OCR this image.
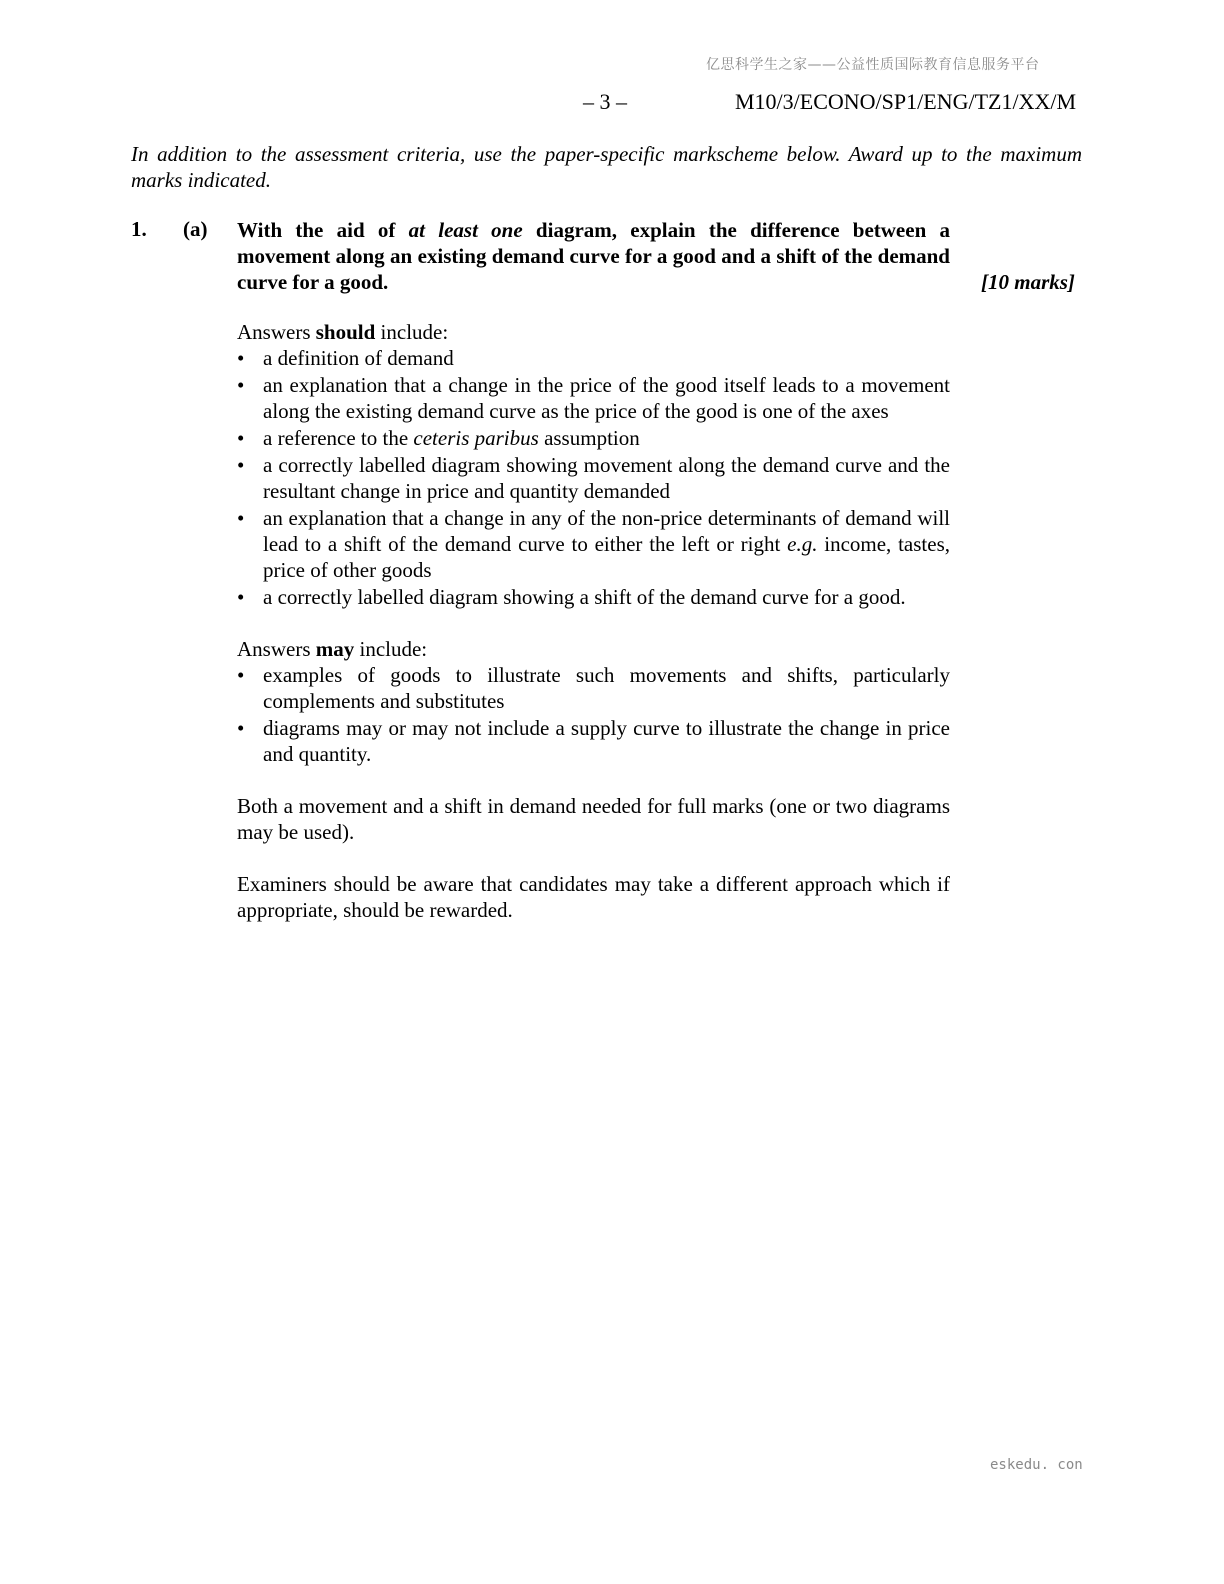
亿思科学生之家——公益性质国际教育信息服务平台
– 3 –	M10/3/ECONO/SP1/ENG/TZ1/XX/M
In addition to the assessment criteria, use the paper-specific markscheme below. Award up to the maximum marks indicated.
1. (a) With the aid of at least one diagram, explain the difference between a movement along an existing demand curve for a good and a shift of the demand curve for a good.	[10 marks]

Answers should include:

• a definition of demand
• an explanation that a change in the price of the good itself leads to a movement along the existing demand curve as the price of the good is one of the axes
• a reference to the ceteris paribus assumption
• a correctly labelled diagram showing movement along the demand curve and the resultant change in price and quantity demanded
• an explanation that a change in any of the non-price determinants of demand will lead to a shift of the demand curve to either the left or right e.g. income, tastes, price of other goods
• a correctly labelled diagram showing a shift of the demand curve for a good.

Answers may include:

• examples of goods to illustrate such movements and shifts, particularly complements and substitutes
• diagrams may or may not include a supply curve to illustrate the change in price and quantity.

Both a movement and a shift in demand needed for full marks (one or two diagrams may be used).

Examiners should be aware that candidates may take a different approach which if appropriate, should be rewarded.

eskedu. con
